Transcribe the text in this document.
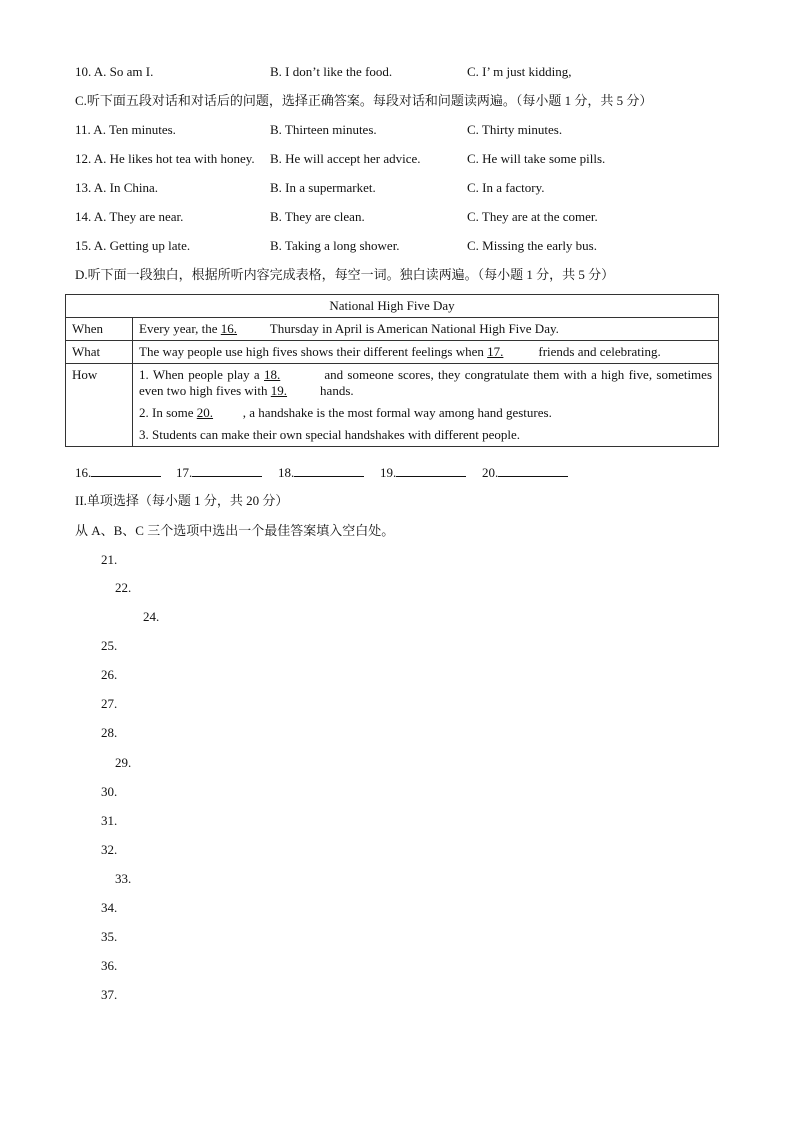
10. A. So am I.	B. I don’t like the food.	C. I’ m just kidding,
C.听下面五段对话和对话后的问题，选择正确答案。每段对话和问题读两遍。（每小题 1 分，共 5 分）
11. A. Ten minutes.	B. Thirteen minutes.	C. Thirty minutes.
12. A. He likes hot tea with honey. B. He will accept her advice.	C. He will take some pills.
13. A. In China.	B. In a supermarket.	C. In a factory.
14. A. They are near.	B. They are clean.	C. They are at the comer.
15. A. Getting up late.	B. Taking a long shower.	C. Missing the early bus.
D.听下面一段独白，根据所听内容完成表格，每空一词。独白读两遍。（每小题 1 分，共 5 分）
National High Five Day	
When	Every year, the 16. Thursday in April is American National High Five Day.
What	The way people use high fives shows their different feelings when 17. friends and celebrating.
How	1. When people play a 18. and someone scores, they congratulate them with a high five, sometimes even two high fives with 19. hands.
2. In some 20. , a handshake is the most formal way among hand gestures.
3. Students can make their own special handshakes with different people.
16.	17.	18.	19.	20.
II.单项选择（每小题 1 分，共 20 分）
从 A、B、C 三个选项中选出一个最佳答案填入空白处。
21.
22.
24.
25.
26.
27.
28.
29.
30.
31.
32.
33.
34.
35.
36.
37.
